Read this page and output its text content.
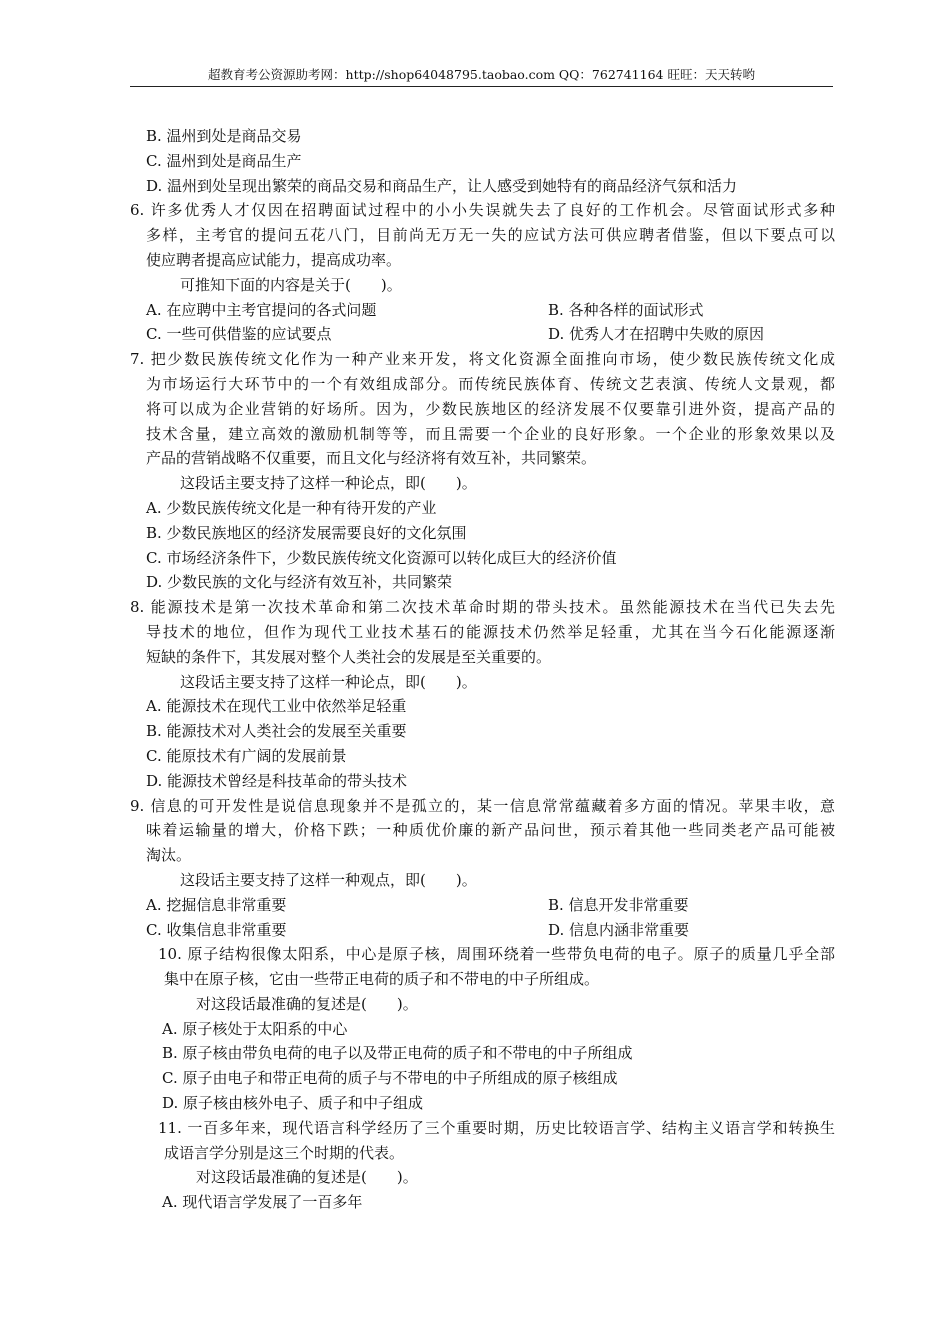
超教育考公资源助考网：http://shop64048795.taobao.com QQ：762741164 旺旺：天天转哟
B. 温州到处是商品交易
C. 温州到处是商品生产
D. 温州到处呈现出繁荣的商品交易和商品生产，让人感受到她特有的商品经济气氛和活力
6. 许多优秀人才仅因在招聘面试过程中的小小失误就失去了良好的工作机会。尽管面试形式多种
多样，主考官的提问五花八门，目前尚无万无一失的应试方法可供应聘者借鉴，但以下要点可以
使应聘者提高应试能力，提高成功率。
可推知下面的内容是关于(　　)。
A. 在应聘中主考官提问的各式问题	B. 各种各样的面试形式
C. 一些可供借鉴的应试要点	D. 优秀人才在招聘中失败的原因
7. 把少数民族传统文化作为一种产业来开发，将文化资源全面推向市场，使少数民族传统文化成
为市场运行大环节中的一个有效组成部分。而传统民族体育、传统文艺表演、传统人文景观，都
将可以成为企业营销的好场所。因为，少数民族地区的经济发展不仅要靠引进外资，提高产品的
技术含量，建立高效的激励机制等等，而且需要一个企业的良好形象。一个企业的形象效果以及
产品的营销战略不仅重要，而且文化与经济将有效互补，共同繁荣。
这段话主要支持了这样一种论点，即(　　)。
A. 少数民族传统文化是一种有待开发的产业
B. 少数民族地区的经济发展需要良好的文化氛围
C. 市场经济条件下，少数民族传统文化资源可以转化成巨大的经济价值
D. 少数民族的文化与经济有效互补，共同繁荣
8. 能源技术是第一次技术革命和第二次技术革命时期的带头技术。虽然能源技术在当代已失去先
导技术的地位，但作为现代工业技术基石的能源技术仍然举足轻重，尤其在当今石化能源逐渐
短缺的条件下，其发展对整个人类社会的发展是至关重要的。
这段话主要支持了这样一种论点，即(　　)。
A. 能源技术在现代工业中依然举足轻重
B. 能源技术对人类社会的发展至关重要
C. 能原技术有广阔的发展前景
D. 能源技术曾经是科技革命的带头技术
9. 信息的可开发性是说信息现象并不是孤立的，某一信息常常蕴藏着多方面的情况。苹果丰收，意
味着运输量的增大，价格下跌；一种质优价廉的新产品问世，预示着其他一些同类老产品可能被
淘汰。
这段话主要支持了这样一种观点，即(　　)。
A. 挖掘信息非常重要	B. 信息开发非常重要
C. 收集信息非常重要	D. 信息内涵非常重要
10. 原子结构很像太阳系，中心是原子核，周围环绕着一些带负电荷的电子。原子的质量几乎全部
集中在原子核，它由一些带正电荷的质子和不带电的中子所组成。
对这段话最准确的复述是(　　)。
A. 原子核处于太阳系的中心
B. 原子核由带负电荷的电子以及带正电荷的质子和不带电的中子所组成
C. 原子由电子和带正电荷的质子与不带电的中子所组成的原子核组成
D. 原子核由核外电子、质子和中子组成
11. 一百多年来，现代语言科学经历了三个重要时期，历史比较语言学、结构主义语言学和转换生
成语言学分别是这三个时期的代表。
对这段话最准确的复述是(　　)。
A. 现代语言学发展了一百多年
